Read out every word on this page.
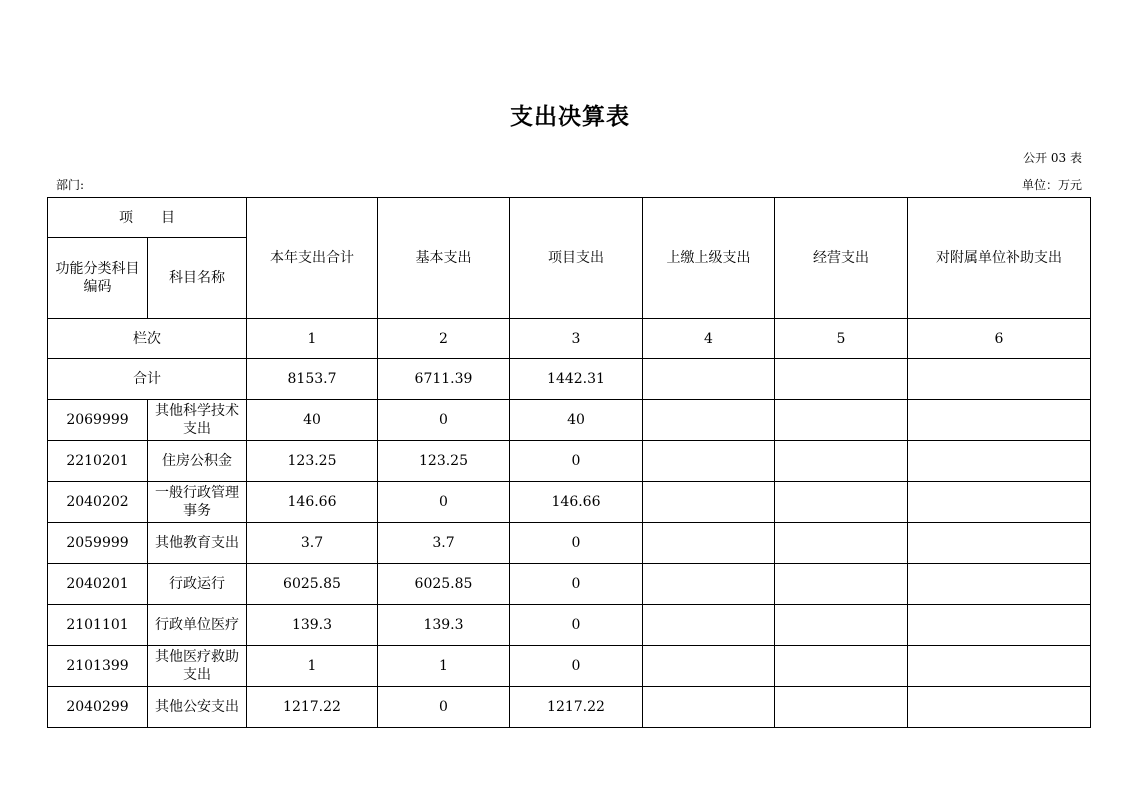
支出决算表
公开 03 表
部门:	单位：万元
项　　目		本年支出合计	基本支出	项目支出	上缴上级支出	经营支出	对附属单位补助支出
功能分类科目编码	科目名称						
栏次		1	2	3	4	5	6
合计		8153.7	6711.39	1442.31			
2069999	其他科学技术支出	40	0	40			
2210201	住房公积金	123.25	123.25	0			
2040202	一般行政管理事务	146.66	0	146.66			
2059999	其他教育支出	3.7	3.7	0			
2040201	行政运行	6025.85	6025.85	0			
2101101	行政单位医疗	139.3	139.3	0			
2101399	其他医疗救助支出	1	1	0			
2040299	其他公安支出	1217.22	0	1217.22			
